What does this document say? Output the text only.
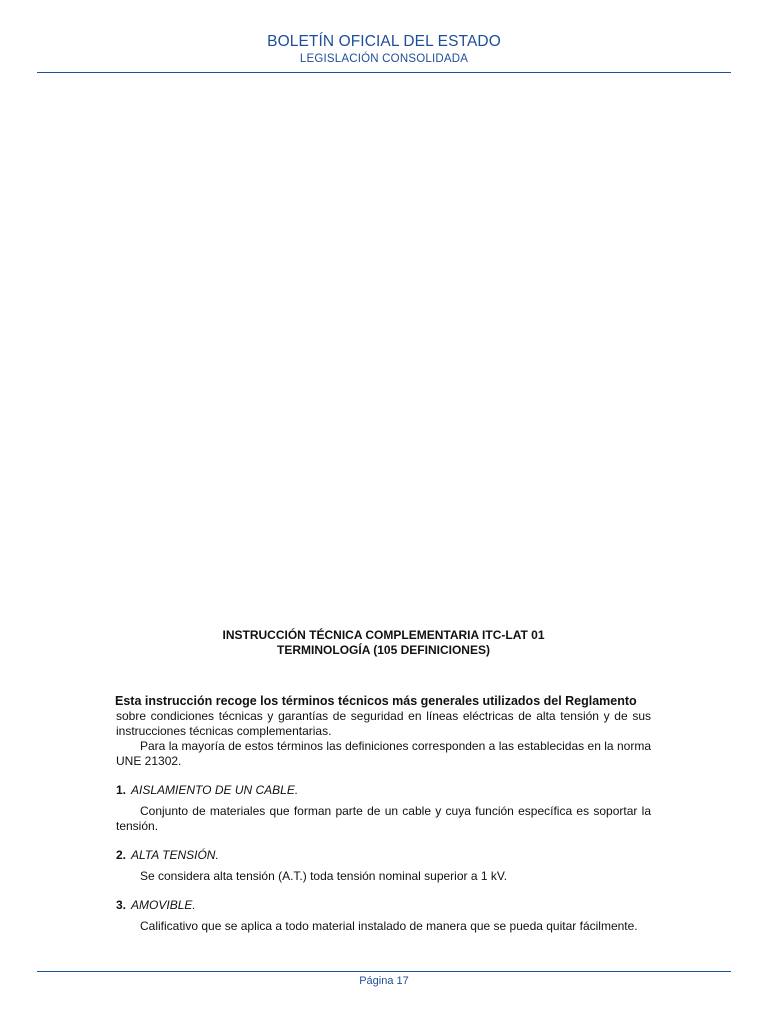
BOLETÍN OFICIAL DEL ESTADO
LEGISLACIÓN CONSOLIDADA
INSTRUCCIÓN TÉCNICA COMPLEMENTARIA ITC-LAT 01
TERMINOLOGÍA (105 DEFINICIONES)
Esta instrucción recoge los términos técnicos más generales utilizados del Reglamento

sobre condiciones técnicas y garantías de seguridad en líneas eléctricas de alta tensión y de sus instrucciones técnicas complementarias.

Para la mayoría de estos términos las definiciones corresponden a las establecidas en la norma UNE 21302.

1. AISLAMIENTO DE UN CABLE.

Conjunto de materiales que forman parte de un cable y cuya función específica es soportar la tensión.

2. ALTA TENSIÓN.

Se considera alta tensión (A.T.) toda tensión nominal superior a 1 kV.

3. AMOVIBLE.

Calificativo que se aplica a todo material instalado de manera que se pueda quitar fácilmente.

Página 17
